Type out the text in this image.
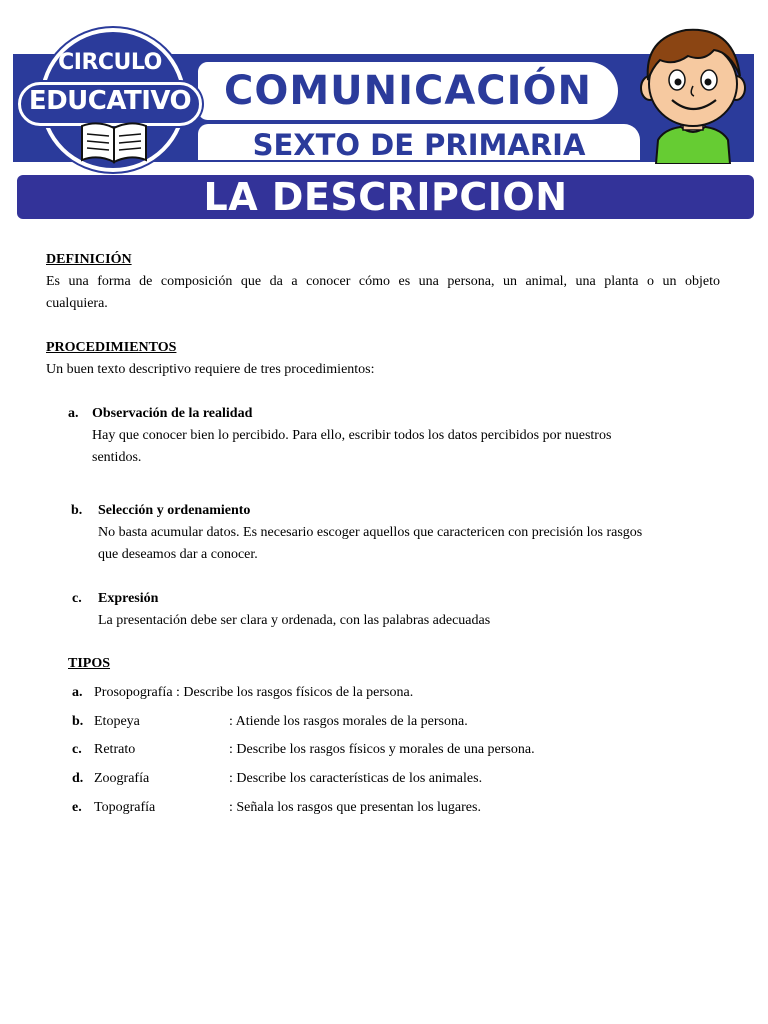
COMUNICACIÓN
SEXTO DE PRIMARIA
CIRCULO
EDUCATIVO
LA DESCRIPCION
DEFINICIÓN
Es una forma de composición que da a conocer cómo es una persona, un animal, una planta o un objeto
cualquiera.
PROCEDIMIENTOS
Un buen texto descriptivo requiere de tres procedimientos:
a. Observación de la realidad
Hay que conocer bien lo percibido. Para ello, escribir todos los datos percibidos por nuestros
sentidos.
b. Selección y ordenamiento
No basta acumular datos. Es necesario escoger aquellos que caractericen con precisión los rasgos
que deseamos dar a conocer.
c. Expresión
La presentación debe ser clara y ordenada, con las palabras adecuadas
TIPOS
a. Prosopografía : Describe los rasgos físicos de la persona.
b. Etopeya	: Atiende los rasgos morales de la persona.
c. Retrato	: Describe los rasgos físicos y morales de una persona.
d. Zoografía	: Describe los características de los animales.
e. Topografía	: Señala los rasgos que presentan los lugares.
